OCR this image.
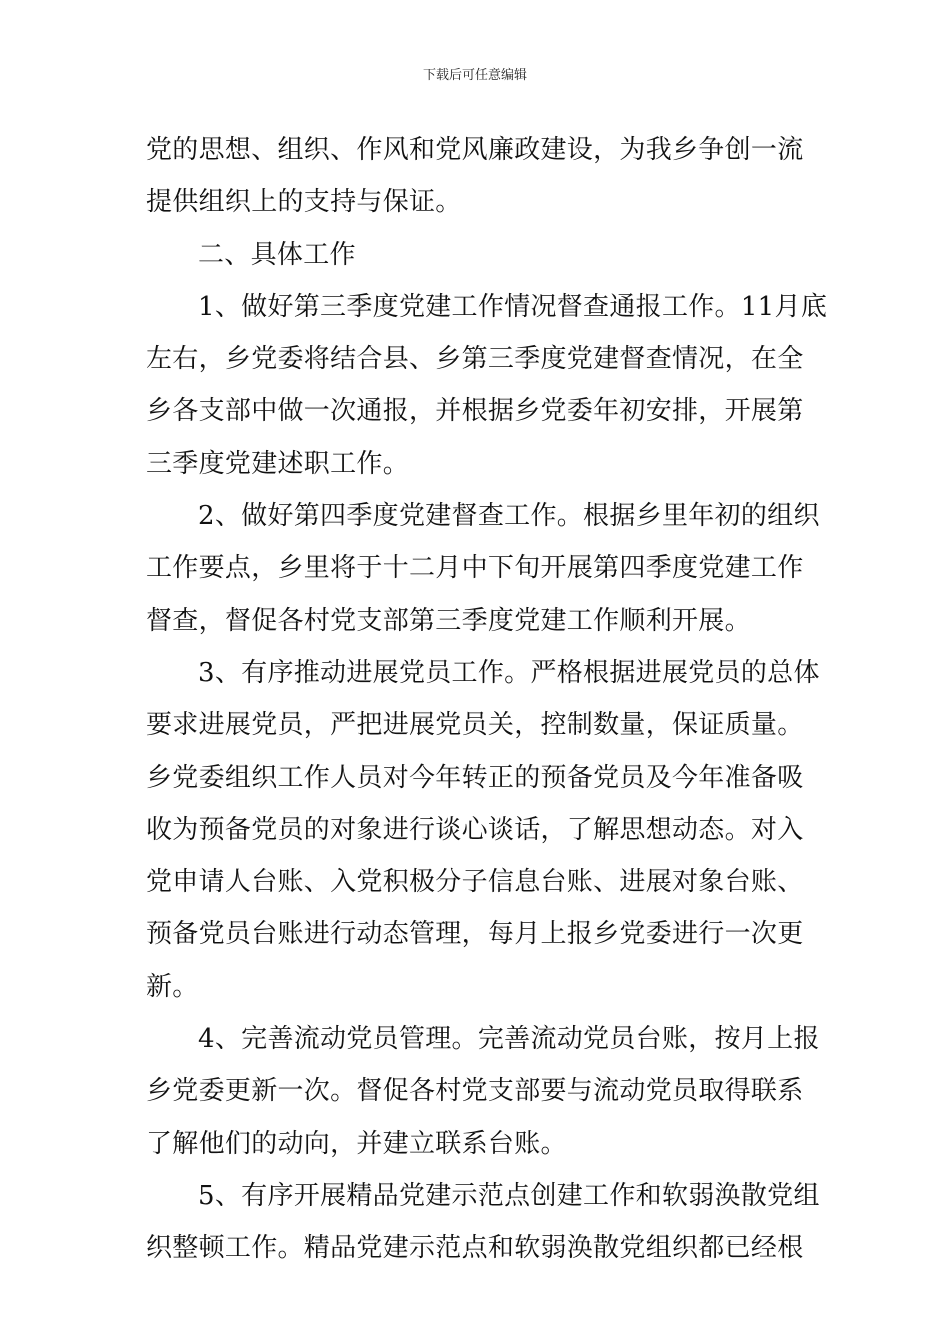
下载后可任意编辑
党的思想、组织、作风和党风廉政建设，为我乡争创一流
提供组织上的支持与保证。
二、具体工作
1、做好第三季度党建工作情况督查通报工作。11月底
左右，乡党委将结合县、乡第三季度党建督查情况，在全
乡各支部中做一次通报，并根据乡党委年初安排，开展第
三季度党建述职工作。
2、做好第四季度党建督查工作。根据乡里年初的组织
工作要点，乡里将于十二月中下旬开展第四季度党建工作
督查，督促各村党支部第三季度党建工作顺利开展。
3、有序推动进展党员工作。严格根据进展党员的总体
要求进展党员，严把进展党员关，控制数量，保证质量。
乡党委组织工作人员对今年转正的预备党员及今年准备吸
收为预备党员的对象进行谈心谈话，了解思想动态。对入
党申请人台账、入党积极分子信息台账、进展对象台账、
预备党员台账进行动态管理，每月上报乡党委进行一次更
新。
4、完善流动党员管理。完善流动党员台账，按月上报
乡党委更新一次。督促各村党支部要与流动党员取得联系
了解他们的动向，并建立联系台账。
5、有序开展精品党建示范点创建工作和软弱涣散党组
织整顿工作。精品党建示范点和软弱涣散党组织都已经根
